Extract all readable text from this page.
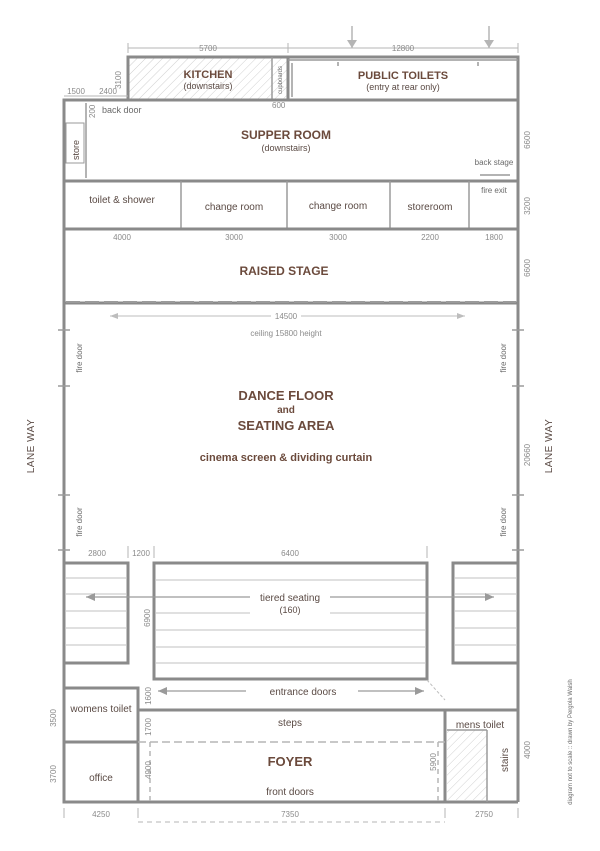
5700	12800
KITCHEN
(downstairs)	cupboards	PUBLIC TOILETS
(entry at rear only)
3100
600
1500 2400
back door
200
store
SUPPER ROOM
(downstairs)
back stage
6600
toilet & shower
change room	change room	storeroom
fire exit
3200
4000	3000	3000	2200	1800
RAISED STAGE	6600
14500
ceiling 15800 height
fire door	fire door
fire door	fire door
DANCE FLOOR
and
SEATING AREA
cinema screen & dividing curtain	20660
LANE WAY	LANE WAY
2800	1200	6400
6900
tiered seating
(160)
entrance doors
1600
womens toilet
office
steps
FOYER
front doors
mens toilet
stairs
3500
1700
3700	4900	5900
4000
4250	7350	2750
diagram not to scale :: drawn by Pergola Walsh
